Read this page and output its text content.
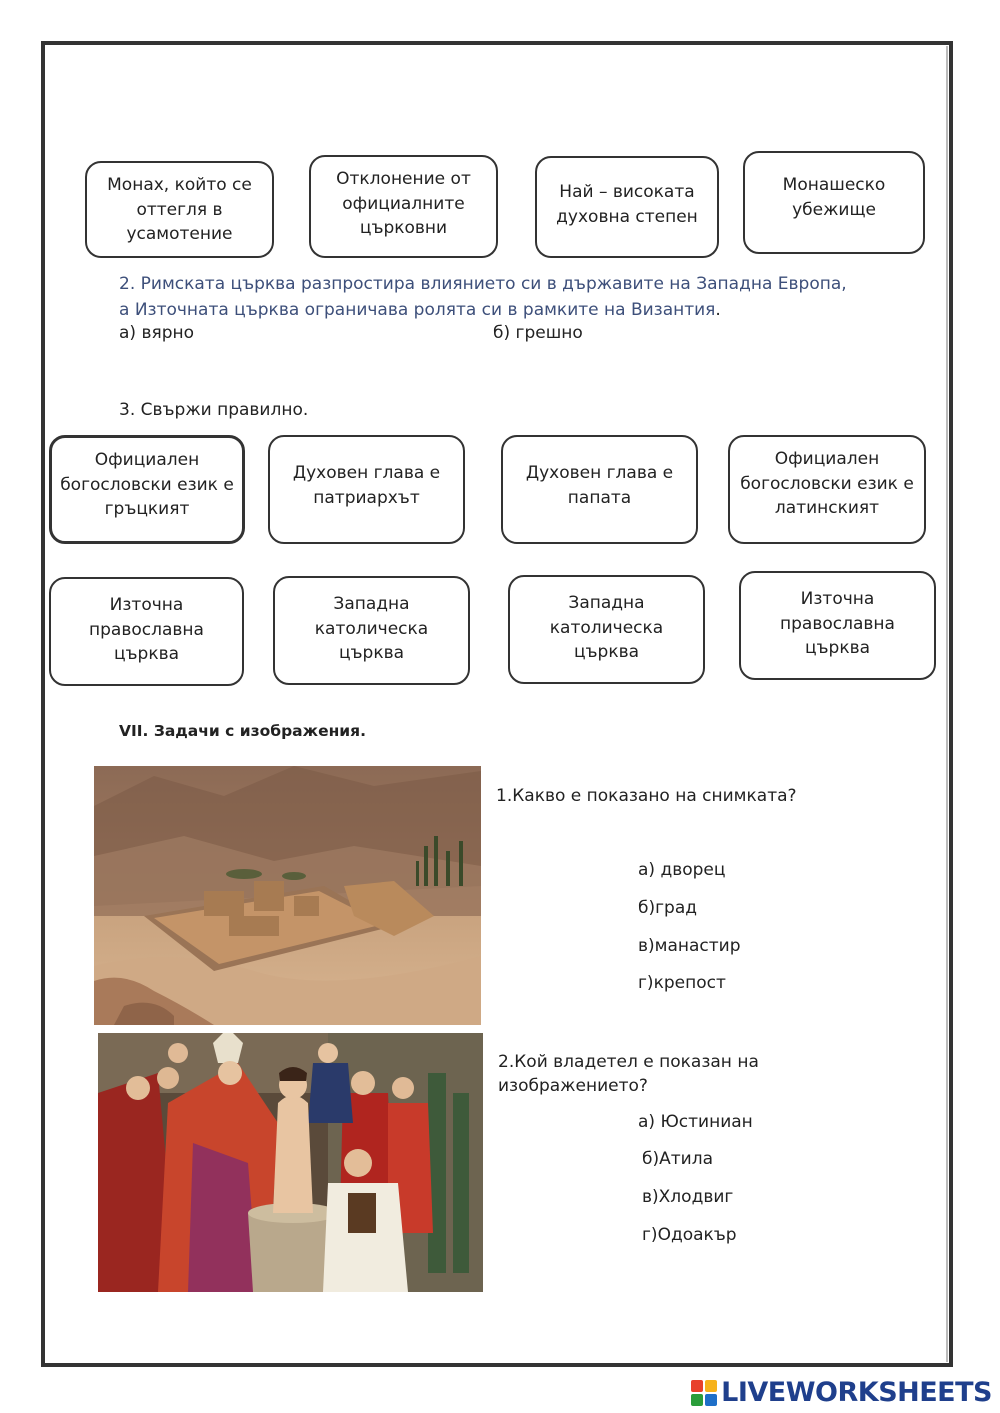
Монах, който се оттегля в усамотение
Отклонение от официалните църковни
Най – високата духовна степен
Монашеско убежище
2. Римската църква разпростира влиянието си в държавите на Западна Европа,
а Източната църква ограничава ролята си в рамките на Византия.
а) вярно	б) грешно
3. Свържи правилно.
Официален богословски език е гръцкият
Духовен глава е патриархът
Духовен глава е папата
Официален богословски език е латинският
Източна православна църква
Западна католическа църква
Западна католическа църква
Източна православна църква
VII. Задачи с изображения.
1.Какво е показано на снимката?
а) дворец
б)град
в)манастир
г)крепост
2.Кой владетел е показан на
изображението?
а) Юстиниан
б)Атила
в)Хлодвиг
г)Одоакър
LIVEWORKSHEETS
